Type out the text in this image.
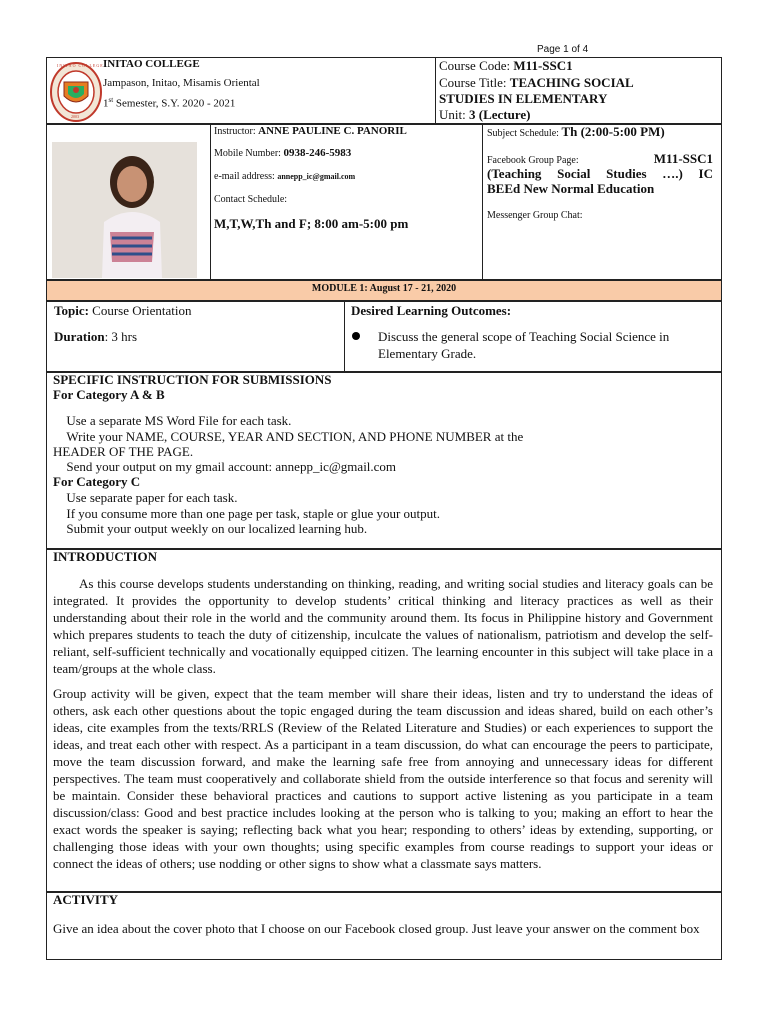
Page 1 of 4
INITAO COLLEGE
2003
INITAO COLLEGE
Jampason, Initao, Misamis Oriental
1st Semester, S.Y. 2020 - 2021
Course Code: M11-SSC1
Course Title: TEACHING SOCIAL
STUDIES IN ELEMENTARY
Unit: 3 (Lecture)
Instructor: ANNE PAULINE C. PANORIL
Mobile Number: 0938-246-5983
e-mail address: annepp_ic@gmail.com
Contact Schedule:
M,T,W,Th and F; 8:00 am-5:00 pm
Subject Schedule: Th (2:00-5:00 PM)
Facebook Group Page:	M11-SSC1
(Teaching Social Studies ….) IC
BEEd New Normal Education
Messenger Group Chat:
MODULE 1: August 17 - 21, 2020
Topic: Course Orientation
Duration: 3 hrs
Desired Learning Outcomes:
Discuss the general scope of Teaching Social Science in
Elementary Grade.
SPECIFIC INSTRUCTION FOR SUBMISSIONS
For Category A & B
Use a separate MS Word File for each task.
Write your NAME, COURSE, YEAR AND SECTION, AND PHONE NUMBER at the
HEADER OF THE PAGE.
Send your output on my gmail account: annepp_ic@gmail.com
For Category C
Use separate paper for each task.
If you consume more than one page per task, staple or glue your output.
Submit your output weekly on our localized learning hub.
INTRODUCTION

As this course develops students understanding on thinking, reading, and writing social studies and literacy goals can be integrated. It provides the opportunity to develop students’ critical thinking and literacy practices as well as their understanding about their role in the world and the community around them. Its focus in Philippine history and Government which prepares students to teach the duty of citizenship, inculcate the values of nationalism, patriotism and develop the self-reliant, self-sufficient technically and vocationally equipped citizen. The learning encounter in this subject will take place in a team/groups at the whole class.

Group activity will be given, expect that the team member will share their ideas, listen and try to understand the ideas of others, ask each other questions about the topic engaged during the team discussion and ideas shared, build on each other’s ideas, cite examples from the texts/RRLS (Review of the Related Literature and Studies) or each experiences to support the ideas, and treat each other with respect. As a participant in a team discussion, do what can encourage the peers to participate, move the team discussion forward, and make the learning safe free from annoying and unnecessary ideas for different perspectives. The team must cooperatively and collaborate shield from the outside interference so that focus and serenity will be maintain. Consider these behavioral practices and cautions to support active listening as you participate in a team discussion/class: Good and best practice includes looking at the person who is talking to you; making an effort to hear the exact words the speaker is saying; reflecting back what you hear; responding to others’ ideas by extending, supporting, or challenging those ideas with your own thoughts; using specific examples from course readings to support your ideas or connect the ideas of others; use nodding or other signs to show what a classmate says matters.

ACTIVITY

Give an idea about the cover photo that I choose on our Facebook closed group. Just leave your answer on the comment box
